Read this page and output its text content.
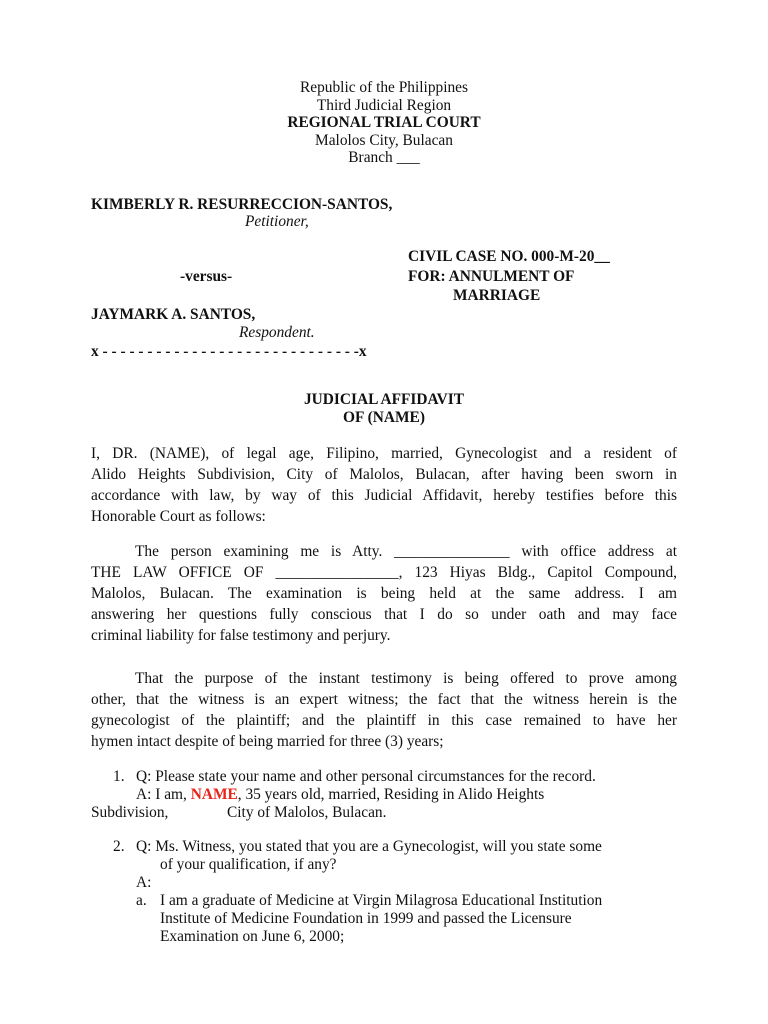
Republic of the Philippines
Third Judicial Region
REGIONAL TRIAL COURT
Malolos City, Bulacan
Branch ___
KIMBERLY R. RESURRECCION-SANTOS,
Petitioner,
CIVIL CASE NO. 000-M-20__
-versus-	FOR: ANNULMENT OF
MARRIAGE
JAYMARK A. SANTOS,
Respondent.
x - - - - - - - - - - - - - - - - - - - - - - - - - - - - -x
JUDICIAL AFFIDAVIT
OF (NAME)
I, DR. (NAME), of legal age, Filipino, married, Gynecologist and a resident of
Alido Heights Subdivision, City of Malolos, Bulacan, after having been sworn in
accordance with law, by way of this Judicial Affidavit, hereby testifies before this
Honorable Court as follows:
The person examining me is Atty. _______________ with office address at
THE LAW OFFICE OF ________________, 123 Hiyas Bldg., Capitol Compound,
Malolos, Bulacan. The examination is being held at the same address. I am
answering her questions fully conscious that I do so under oath and may face
criminal liability for false testimony and perjury.
That the purpose of the instant testimony is being offered to prove among
other, that the witness is an expert witness; the fact that the witness herein is the
gynecologist of the plaintiff; and the plaintiff in this case remained to have her
hymen intact despite of being married for three (3) years;
1. Q: Please state your name and other personal circumstances for the record.
A: I am, NAME, 35 years old, married, Residing in Alido Heights
Subdivision,	City of Malolos, Bulacan.
2. Q: Ms. Witness, you stated that you are a Gynecologist, will you state some
of your qualification, if any?
A:
a. I am a graduate of Medicine at Virgin Milagrosa Educational Institution
Institute of Medicine Foundation in 1999 and passed the Licensure
Examination on June 6, 2000;
